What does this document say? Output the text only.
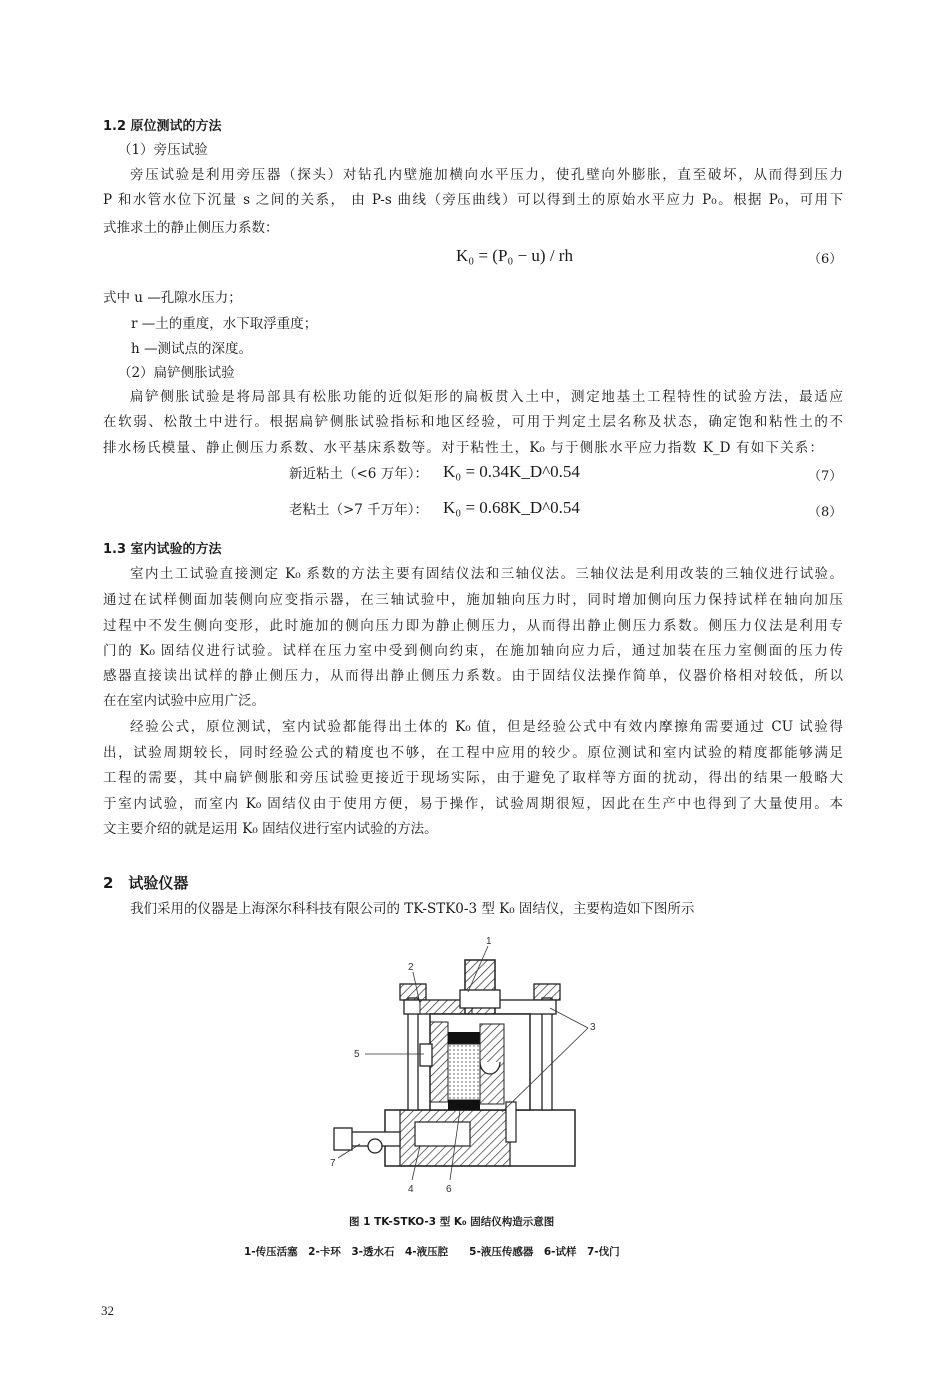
1.2 原位测试的方法
（1）旁压试验
旁压试验是利用旁压器（探头）对钻孔内壁施加横向水平压力，使孔壁向外膨胀，直至破坏，从而得到压力
P 和水管水位下沉量 s 之间的关系， 由 P-s 曲线（旁压曲线）可以得到土的原始水平应力 P₀。根据 P₀，可用下
式推求土的静止侧压力系数：
K₀ = (P₀ − u) / rh	（6）
式中 u —孔隙水压力；
r —土的重度，水下取浮重度；
h —测试点的深度。
（2）扁铲侧胀试验
扁铲侧胀试验是将局部具有松胀功能的近似矩形的扁板贯入土中，测定地基土工程特性的试验方法，最适应
在软弱、松散土中进行。根据扁铲侧胀试验指标和地区经验，可用于判定土层名称及状态，确定饱和粘性土的不
排水杨氏模量、静止侧压力系数、水平基床系数等。对于粘性土，K₀ 与于侧胀水平应力指数 K_D 有如下关系：
新近粘土（<6 万年）： K₀ = 0.34K_D^0.54	（7）
老粘土（>7 千万年）： K₀ = 0.68K_D^0.54	（8）
1.3 室内试验的方法
室内土工试验直接测定 K₀ 系数的方法主要有固结仪法和三轴仪法。三轴仪法是利用改装的三轴仪进行试验。
通过在试样侧面加装侧向应变指示器，在三轴试验中，施加轴向压力时，同时增加侧向压力保持试样在轴向加压
过程中不发生侧向变形，此时施加的侧向压力即为静止侧压力，从而得出静止侧压力系数。侧压力仪法是利用专
门的 K₀ 固结仪进行试验。试样在压力室中受到侧向约束，在施加轴向应力后，通过加装在压力室侧面的压力传
感器直接读出试样的静止侧压力，从而得出静止侧压力系数。由于固结仪法操作简单，仪器价格相对较低，所以
在在室内试验中应用广泛。
经验公式，原位测试，室内试验都能得出土体的 K₀ 值，但是经验公式中有效内摩擦角需要通过 CU 试验得
出，试验周期较长，同时经验公式的精度也不够，在工程中应用的较少。原位测试和室内试验的精度都能够满足
工程的需要，其中扁铲侧胀和旁压试验更接近于现场实际，由于避免了取样等方面的扰动，得出的结果一般略大
于室内试验，而室内 K₀ 固结仪由于使用方便，易于操作，试验周期很短，因此在生产中也得到了大量使用。本
文主要介绍的就是运用 K₀ 固结仪进行室内试验的方法。
2　试验仪器
我们采用的仪器是上海深尔科科技有限公司的 TK-STK0-3 型 K₀ 固结仪，主要构造如下图所示
1
2
3
5
7
4	6
图 1 TK-STKO-3 型 K₀ 固结仪构造示意图
1-传压活塞　2-卡环　3-透水石　4-液压腔　　5-液压传感器　6-试样　7-伐门
32
